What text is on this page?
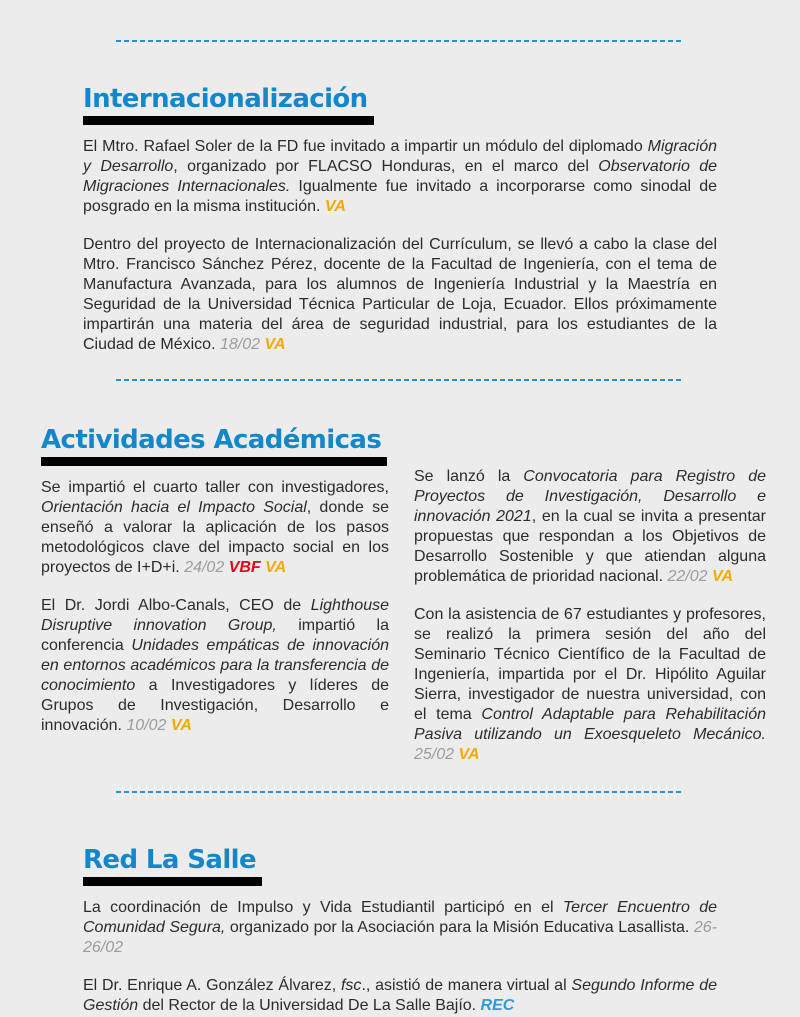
Internacionalización

El Mtro. Rafael Soler de la FD fue invitado a impartir un módulo del diplomado Migración y Desarrollo, organizado por FLACSO Honduras, en el marco del Observatorio de Migraciones Internacionales. Igualmente fue invitado a incorporarse como sinodal de posgrado en la misma institución. VA

Dentro del proyecto de Internacionalización del Currículum, se llevó a cabo la clase del Mtro. Francisco Sánchez Pérez, docente de la Facultad de Ingeniería, con el tema de Manufactura Avanzada, para los alumnos de Ingeniería Industrial y la Maestría en Seguridad de la Universidad Técnica Particular de Loja, Ecuador. Ellos próximamente impartirán una materia del área de seguridad industrial, para los estudiantes de la Ciudad de México. 18/02 VA

Actividades Académicas

Se impartió el cuarto taller con investigadores, Orientación hacia el Impacto Social, donde se enseñó a valorar la aplicación de los pasos metodológicos clave del impacto social en los proyectos de I+D+i. 24/02 VBF VA

El Dr. Jordi Albo-Canals, CEO de Lighthouse Disruptive innovation Group, impartió la conferencia Unidades empáticas de innovación en entornos académicos para la transferencia de conocimiento a Investigadores y líderes de Grupos de Investigación, Desarrollo e innovación. 10/02 VA

Se lanzó la Convocatoria para Registro de Proyectos de Investigación, Desarrollo e innovación 2021, en la cual se invita a presentar propuestas que respondan a los Objetivos de Desarrollo Sostenible y que atiendan alguna problemática de prioridad nacional. 22/02 VA

Con la asistencia de 67 estudiantes y profesores, se realizó la primera sesión del año del Seminario Técnico Científico de la Facultad de Ingeniería, impartida por el Dr. Hipólito Aguilar Sierra, investigador de nuestra universidad, con el tema Control Adaptable para Rehabilitación Pasiva utilizando un Exoesqueleto Mecánico. 25/02 VA

Red La Salle

La coordinación de Impulso y Vida Estudiantil participó en el Tercer Encuentro de Comunidad Segura, organizado por la Asociación para la Misión Educativa Lasallista. 26-26/02

El Dr. Enrique A. González Álvarez, fsc., asistió de manera virtual al Segundo Informe de Gestión del Rector de la Universidad De La Salle Bajío. REC
